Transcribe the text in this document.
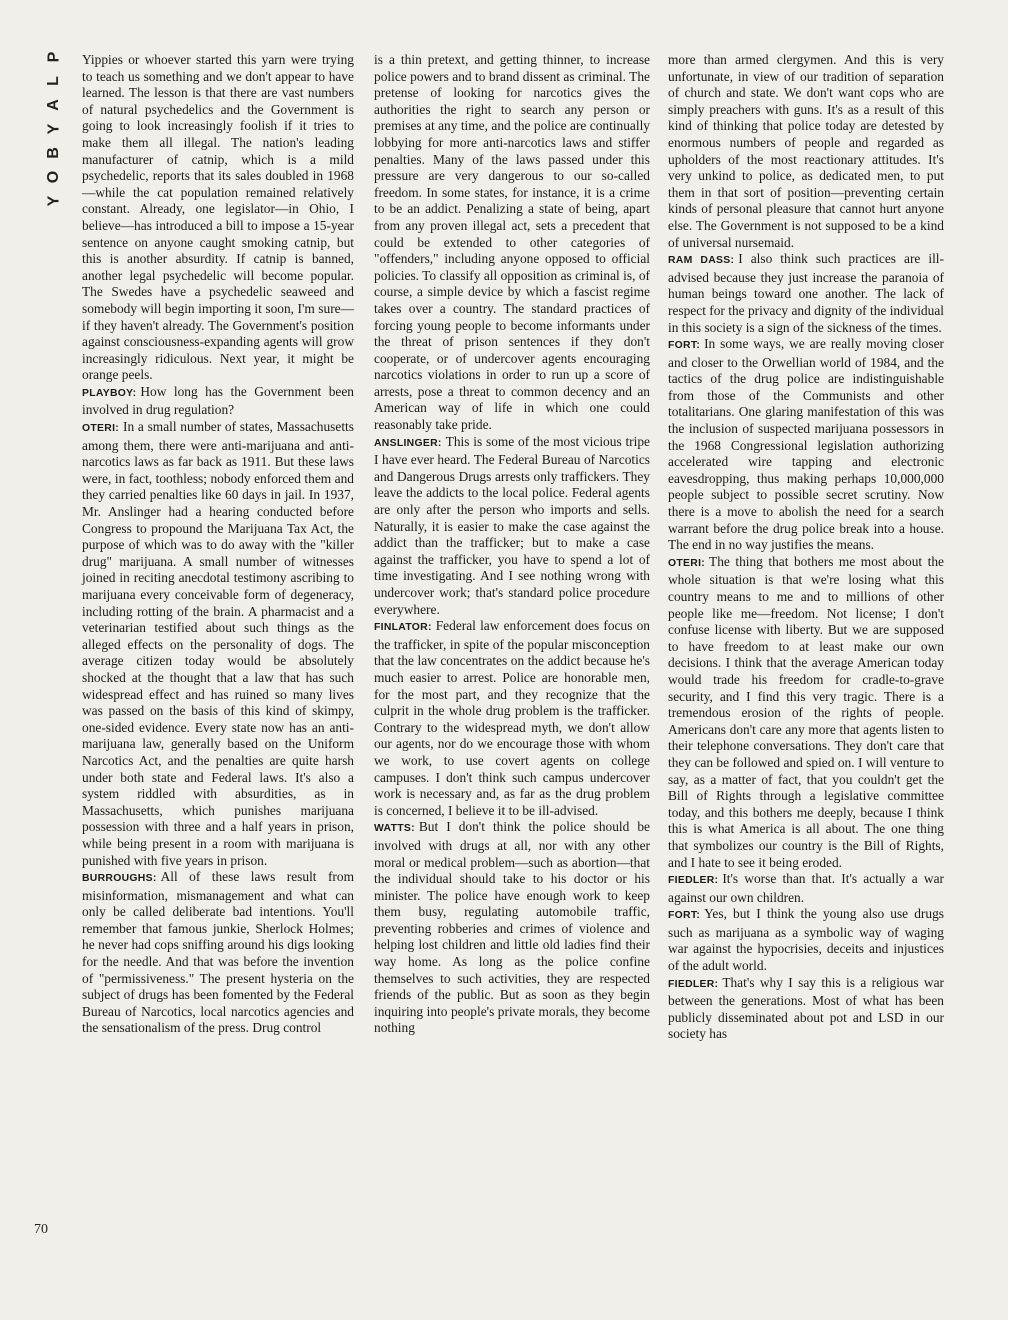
P
L
A
Y
B
O
Y
70

Yippies or whoever started this yarn were trying to teach us something and we don't appear to have learned. The lesson is that there are vast numbers of natural psychedelics and the Government is going to look increasingly foolish if it tries to make them all illegal. The nation's leading manufacturer of catnip, which is a mild psychedelic, reports that its sales doubled in 1968—while the cat population remained relatively constant. Already, one legislator—in Ohio, I believe—has introduced a bill to impose a 15-year sentence on anyone caught smoking catnip, but this is another absurdity. If catnip is banned, another legal psychedelic will become popular. The Swedes have a psychedelic seaweed and somebody will begin importing it soon, I'm sure—if they haven't already. The Government's position against consciousness-expanding agents will grow increasingly ridiculous. Next year, it might be orange peels.

PLAYBOY: How long has the Government been involved in drug regulation?

OTERI: In a small number of states, Massachusetts among them, there were anti-marijuana and anti-narcotics laws as far back as 1911. But these laws were, in fact, toothless; nobody enforced them and they carried penalties like 60 days in jail. In 1937, Mr. Anslinger had a hearing conducted before Congress to propound the Marijuana Tax Act, the purpose of which was to do away with the "killer drug" marijuana. A small number of witnesses joined in reciting anecdotal testimony ascribing to marijuana every conceivable form of degeneracy, including rotting of the brain. A pharmacist and a veterinarian testified about such things as the alleged effects on the personality of dogs. The average citizen today would be absolutely shocked at the thought that a law that has such widespread effect and has ruined so many lives was passed on the basis of this kind of skimpy, one-sided evidence. Every state now has an anti-marijuana law, generally based on the Uniform Narcotics Act, and the penalties are quite harsh under both state and Federal laws. It's also a system riddled with absurdities, as in Massachusetts, which punishes marijuana possession with three and a half years in prison, while being present in a room with marijuana is punished with five years in prison.

BURROUGHS: All of these laws result from misinformation, mismanagement and what can only be called deliberate bad intentions. You'll remember that famous junkie, Sherlock Holmes; he never had cops sniffing around his digs looking for the needle. And that was before the invention of "permissiveness." The present hysteria on the subject of drugs has been fomented by the Federal Bureau of Narcotics, local narcotics agencies and the sensationalism of the press. Drug control

is a thin pretext, and getting thinner, to increase police powers and to brand dissent as criminal. The pretense of looking for narcotics gives the authorities the right to search any person or premises at any time, and the police are continually lobbying for more anti-narcotics laws and stiffer penalties. Many of the laws passed under this pressure are very dangerous to our so-called freedom. In some states, for instance, it is a crime to be an addict. Penalizing a state of being, apart from any proven illegal act, sets a precedent that could be extended to other categories of "offenders," including anyone opposed to official policies. To classify all opposition as criminal is, of course, a simple device by which a fascist regime takes over a country. The standard practices of forcing young people to become informants under the threat of prison sentences if they don't cooperate, or of undercover agents encouraging narcotics violations in order to run up a score of arrests, pose a threat to common decency and an American way of life in which one could reasonably take pride.

ANSLINGER: This is some of the most vicious tripe I have ever heard. The Federal Bureau of Narcotics and Dangerous Drugs arrests only traffickers. They leave the addicts to the local police. Federal agents are only after the person who imports and sells. Naturally, it is easier to make the case against the addict than the trafficker; but to make a case against the trafficker, you have to spend a lot of time investigating. And I see nothing wrong with undercover work; that's standard police procedure everywhere.

FINLATOR: Federal law enforcement does focus on the trafficker, in spite of the popular misconception that the law concentrates on the addict because he's much easier to arrest. Police are honorable men, for the most part, and they recognize that the culprit in the whole drug problem is the trafficker. Contrary to the widespread myth, we don't allow our agents, nor do we encourage those with whom we work, to use covert agents on college campuses. I don't think such campus undercover work is necessary and, as far as the drug problem is concerned, I believe it to be ill-advised.

WATTS: But I don't think the police should be involved with drugs at all, nor with any other moral or medical problem—such as abortion—that the individual should take to his doctor or his minister. The police have enough work to keep them busy, regulating automobile traffic, preventing robberies and crimes of violence and helping lost children and little old ladies find their way home. As long as the police confine themselves to such activities, they are respected friends of the public. But as soon as they begin inquiring into people's private morals, they become nothing

more than armed clergymen. And this is very unfortunate, in view of our tradition of separation of church and state. We don't want cops who are simply preachers with guns. It's as a result of this kind of thinking that police today are detested by enormous numbers of people and regarded as upholders of the most reactionary attitudes. It's very unkind to police, as dedicated men, to put them in that sort of position—preventing certain kinds of personal pleasure that cannot hurt anyone else. The Government is not supposed to be a kind of universal nursemaid.

RAM DASS: I also think such practices are ill-advised because they just increase the paranoia of human beings toward one another. The lack of respect for the privacy and dignity of the individual in this society is a sign of the sickness of the times.

FORT: In some ways, we are really moving closer and closer to the Orwellian world of 1984, and the tactics of the drug police are indistinguishable from those of the Communists and other totalitarians. One glaring manifestation of this was the inclusion of suspected marijuana possessors in the 1968 Congressional legislation authorizing accelerated wire tapping and electronic eavesdropping, thus making perhaps 10,000,000 people subject to possible secret scrutiny. Now there is a move to abolish the need for a search warrant before the drug police break into a house. The end in no way justifies the means.

OTERI: The thing that bothers me most about the whole situation is that we're losing what this country means to me and to millions of other people like me—freedom. Not license; I don't confuse license with liberty. But we are supposed to have freedom to at least make our own decisions. I think that the average American today would trade his freedom for cradle-to-grave security, and I find this very tragic. There is a tremendous erosion of the rights of people. Americans don't care any more that agents listen to their telephone conversations. They don't care that they can be followed and spied on. I will venture to say, as a matter of fact, that you couldn't get the Bill of Rights through a legislative committee today, and this bothers me deeply, because I think this is what America is all about. The one thing that symbolizes our country is the Bill of Rights, and I hate to see it being eroded.

FIEDLER: It's worse than that. It's actually a war against our own children.

FORT: Yes, but I think the young also use drugs such as marijuana as a symbolic way of waging war against the hypocrisies, deceits and injustices of the adult world.

FIEDLER: That's why I say this is a religious war between the generations. Most of what has been publicly disseminated about pot and LSD in our society has
